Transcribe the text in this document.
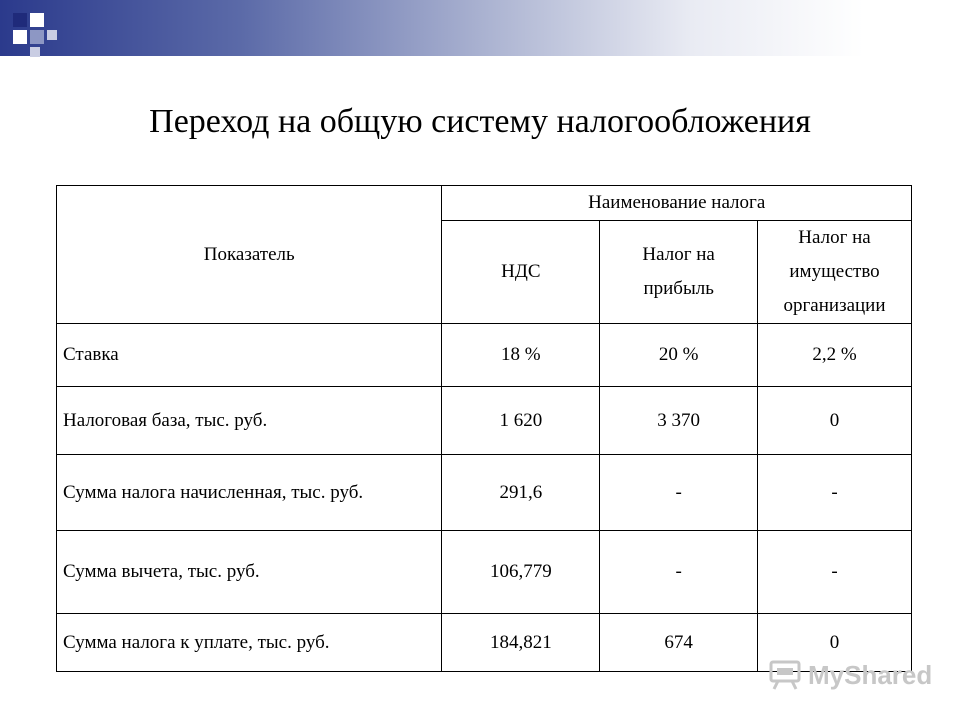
Переход на общую систему налогообложения
Показатель	Наименование налога		
	НДС	Налог на прибыль	Налог на имущество организации
Ставка	18 %	20 %	2,2 %
Налоговая база, тыс. руб.	1 620	3 370	0
Сумма налога начисленная, тыс. руб.	291,6	-	-
Сумма вычета, тыс. руб.	106,779	-	-
Сумма налога к уплате, тыс. руб.	184,821	674	0
MyShared
